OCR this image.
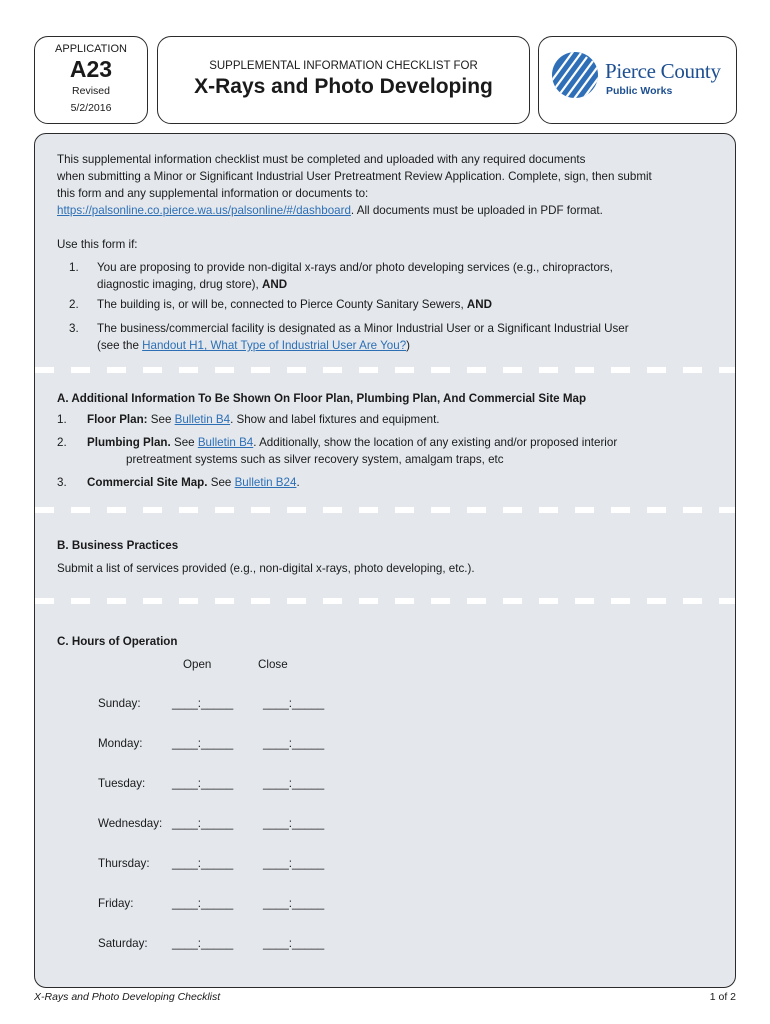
APPLICATION
A23
Revised
5/2/2016
SUPPLEMENTAL INFORMATION CHECKLIST FOR
X-Rays and Photo Developing
Pierce County
Public Works
This supplemental information checklist must be completed and uploaded with any required documents
when submitting a Minor or Significant Industrial User Pretreatment Review Application. Complete, sign, then submit
this form and any supplemental information or documents to:
https://palsonline.co.pierce.wa.us/palsonline/#/dashboard. All documents must be uploaded in PDF format.
Use this form if:
1. You are proposing to provide non-digital x-rays and/or photo developing services (e.g., chiropractors,
diagnostic imaging, drug store), AND
2. The building is, or will be, connected to Pierce County Sanitary Sewers, AND
3. The business/commercial facility is designated as a Minor Industrial User or a Significant Industrial User
(see the Handout H1, What Type of Industrial User Are You?)
A. Additional Information To Be Shown On Floor Plan, Plumbing Plan, And Commercial Site Map
1. Floor Plan: See Bulletin B4. Show and label fixtures and equipment.
2. Plumbing Plan. See Bulletin B4. Additionally, show the location of any existing and/or proposed interior
pretreatment systems such as silver recovery system, amalgam traps, etc
3. Commercial Site Map. See Bulletin B24.
B. Business Practices
Submit a list of services provided (e.g., non-digital x-rays, photo developing, etc.).
C. Hours of Operation
Open	Close
Sunday:	____:_____	____:_____
Monday:	____:_____	____:_____
Tuesday: ____:_____	____:_____
Wednesday: ____:_____	____:_____
Thursday: ____:_____	____:_____
Friday:	____:_____	____:_____
Saturday: ____:_____	____:_____
X-Rays and Photo Developing Checklist	1 of 2
